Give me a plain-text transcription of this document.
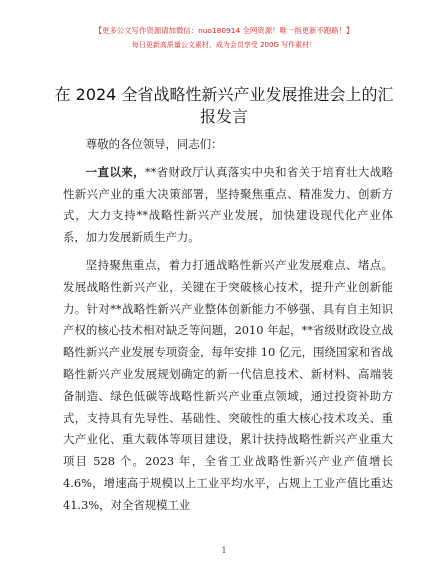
【更多公文写作资源请加微信：nuo180914 全网资源！唯一指更新不跑路！】
每日更新高质量公文素材，成为会员享受 200G 写作素材！
在 2024 全省战略性新兴产业发展推进会上的汇报发言

尊敬的各位领导，同志们：

一直以来，**省财政厅认真落实中央和省关于培育壮大战略性新兴产业的重大决策部署，坚持聚焦重点、精准发力、创新方式，大力支持**战略性新兴产业发展，加快建设现代化产业体系，加力发展新质生产力。

坚持聚焦重点，着力打通战略性新兴产业发展难点、堵点。发展战略性新兴产业，关键在于突破核心技术，提升产业创新能力。针对**战略性新兴产业整体创新能力不够强、具有自主知识产权的核心技术相对缺乏等问题，2010 年起，**省级财政设立战略性新兴产业发展专项资金，每年安排 10 亿元，围绕国家和省战略性新兴产业发展规划确定的新一代信息技术、新材料、高端装备制造、绿色低碳等战略性新兴产业重点领域，通过投资补助方式，支持具有先导性、基础性、突破性的重大核心技术攻关、重大产业化、重大载体等项目建设，累计扶持战略性新兴产业重大项目 528 个。2023 年，全省工业战略性新兴产业产值增长 4.6%，增速高于规模以上工业平均水平，占规上工业产值比重达 41.3%，对全省规模工业

1
